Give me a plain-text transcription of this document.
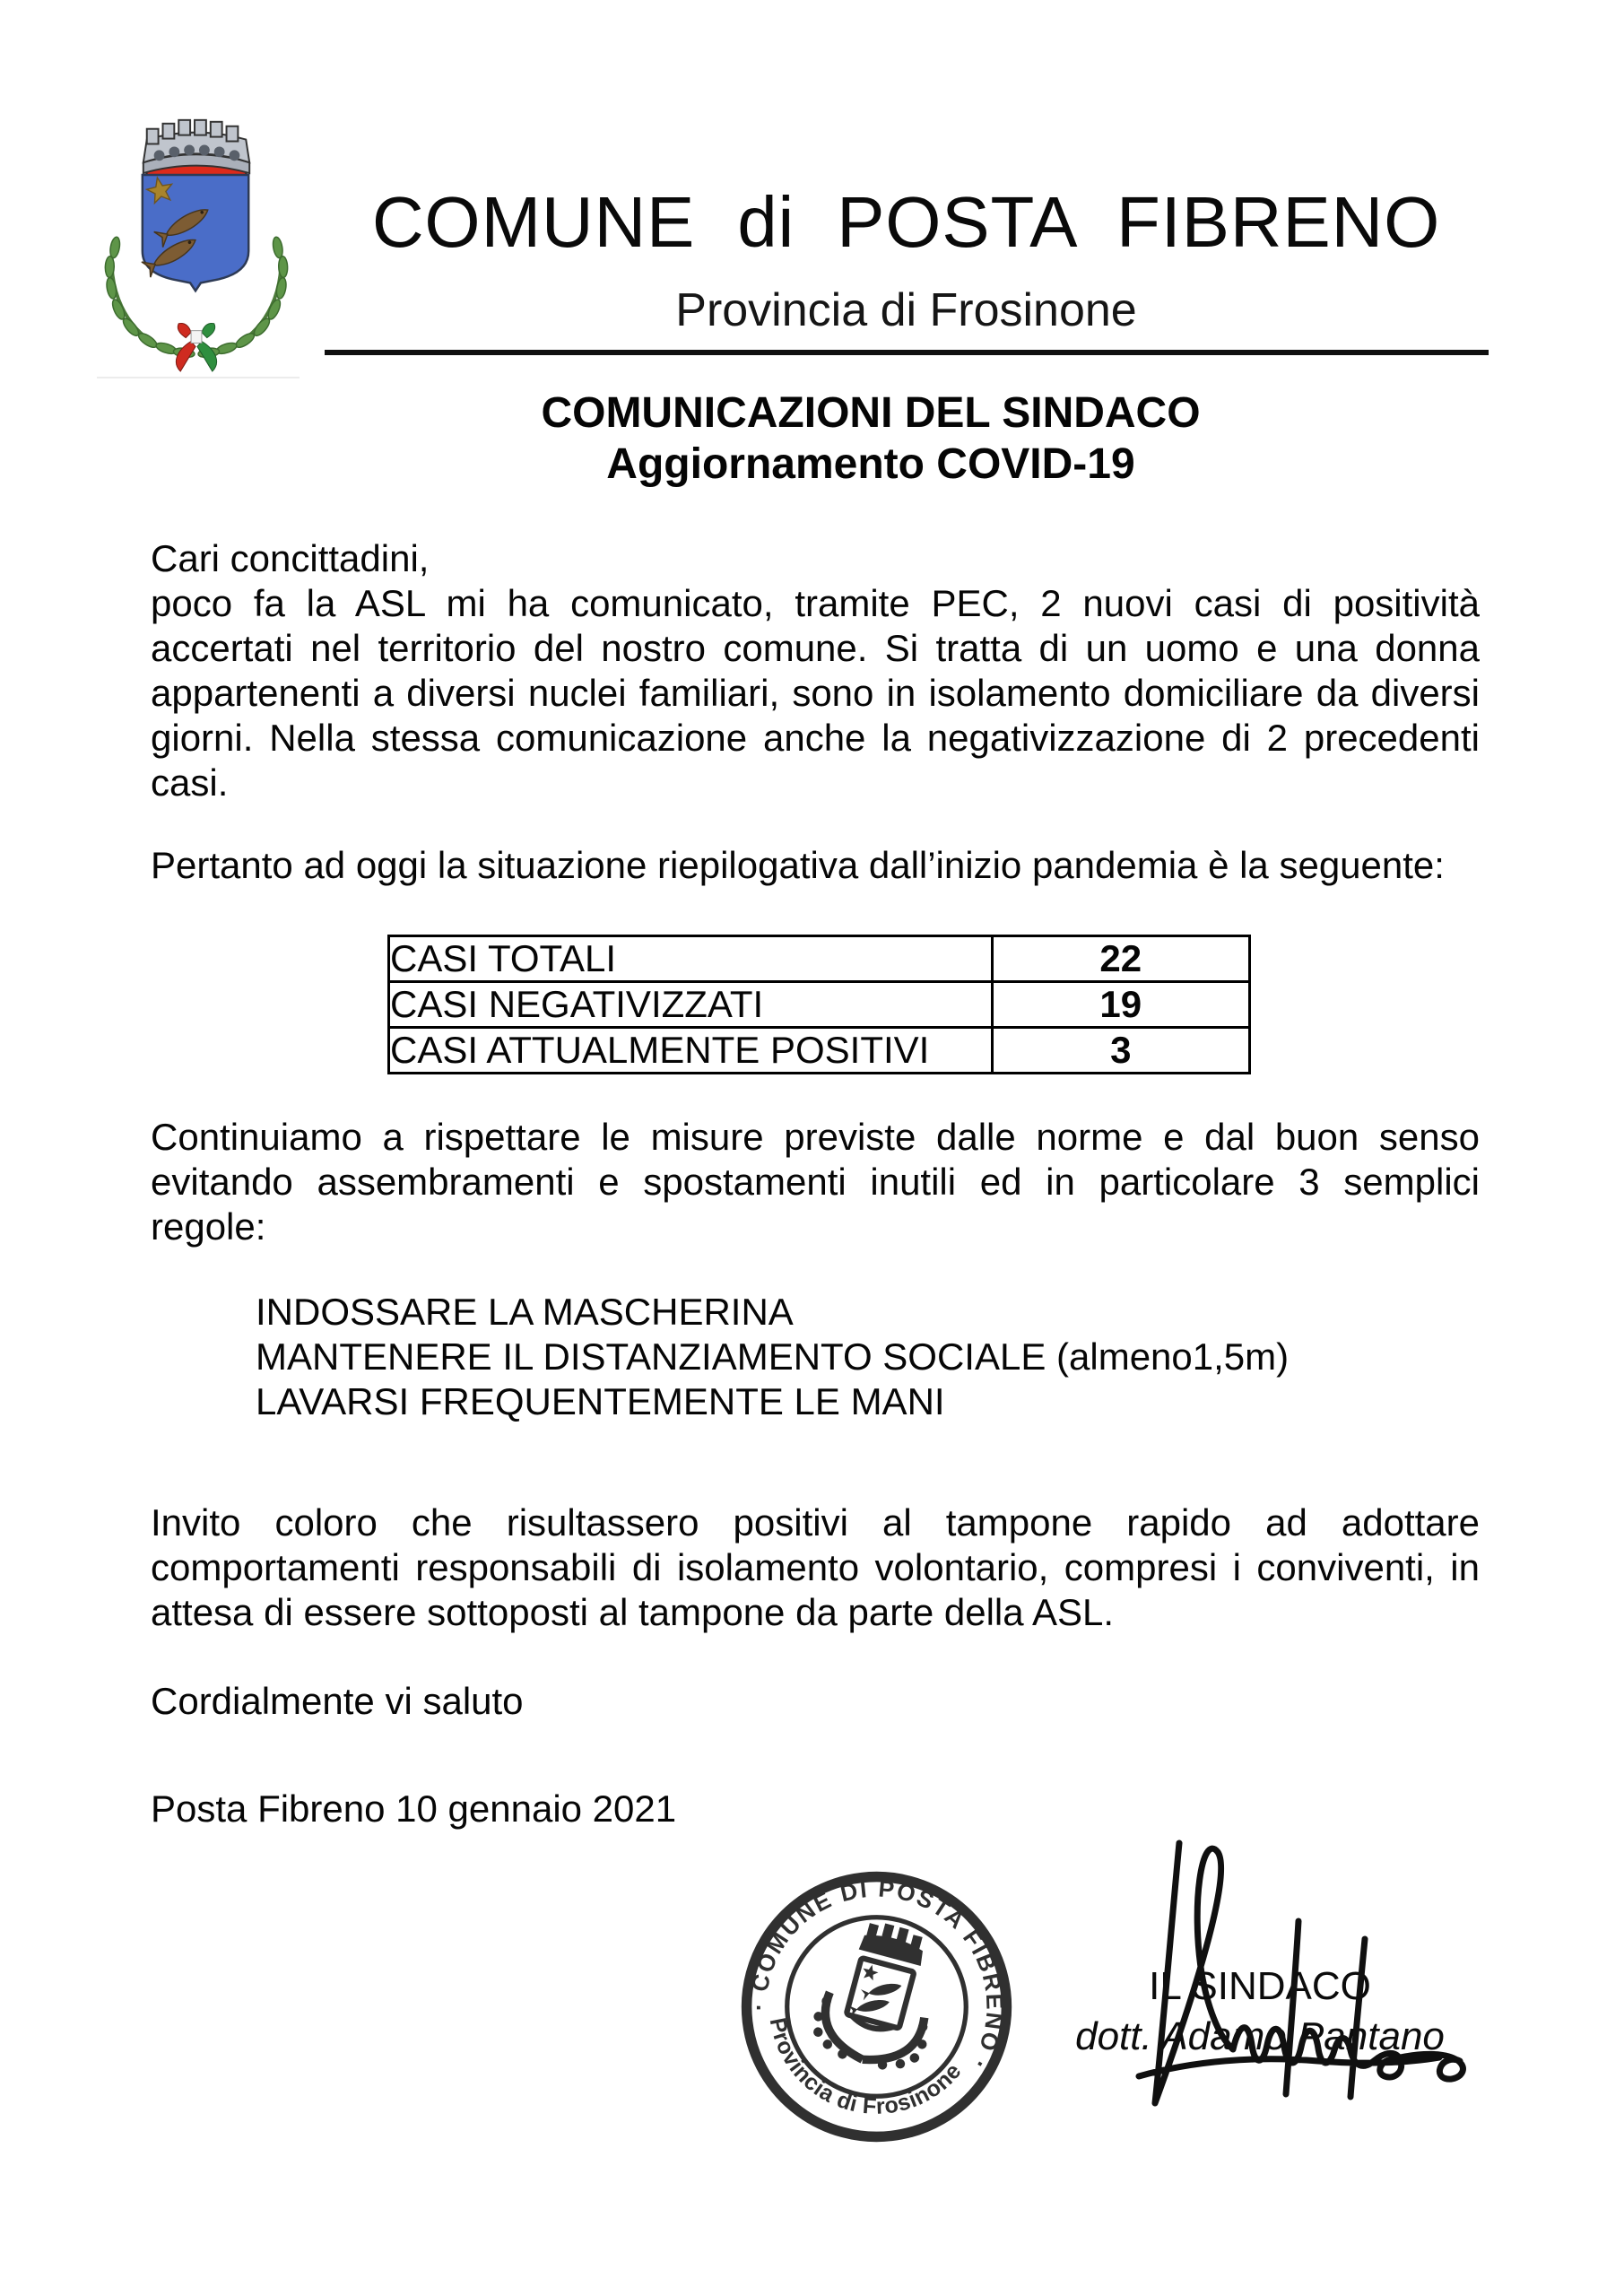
COMUNE di POSTA FIBRENO
Provincia di Frosinone
COMUNICAZIONI DEL SINDACO
Aggiornamento COVID-19
Cari concittadini,
poco fa la ASL mi ha comunicato, tramite PEC, 2 nuovi casi di positività
accertati nel territorio del nostro comune. Si tratta di un uomo e una donna
appartenenti a diversi nuclei familiari, sono in isolamento domiciliare da diversi
giorni. Nella stessa comunicazione anche la negativizzazione di 2 precedenti
casi.
Pertanto ad oggi la situazione riepilogativa dall’inizio pandemia è la seguente:
CASI TOTALI	22
CASI NEGATIVIZZATI	19
CASI ATTUALMENTE POSITIVI	3
Continuiamo a rispettare le misure previste dalle norme e dal buon senso
evitando assembramenti e spostamenti inutili ed in particolare 3 semplici
regole:
INDOSSARE LA MASCHERINA
MANTENERE IL DISTANZIAMENTO SOCIALE (almeno1,5m)
LAVARSI FREQUENTEMENTE LE MANI
Invito coloro che risultassero positivi al tampone rapido ad adottare
comportamenti responsabili di isolamento volontario, compresi i conviventi, in
attesa di essere sottoposti al tampone da parte della ASL.
Cordialmente vi saluto
Posta Fibreno 10 gennaio 2021
· COMUNE DI POSTA FIBRENO ·
Provincia di Frosinone
IL SINDACO
dott. Adamo Pantano
